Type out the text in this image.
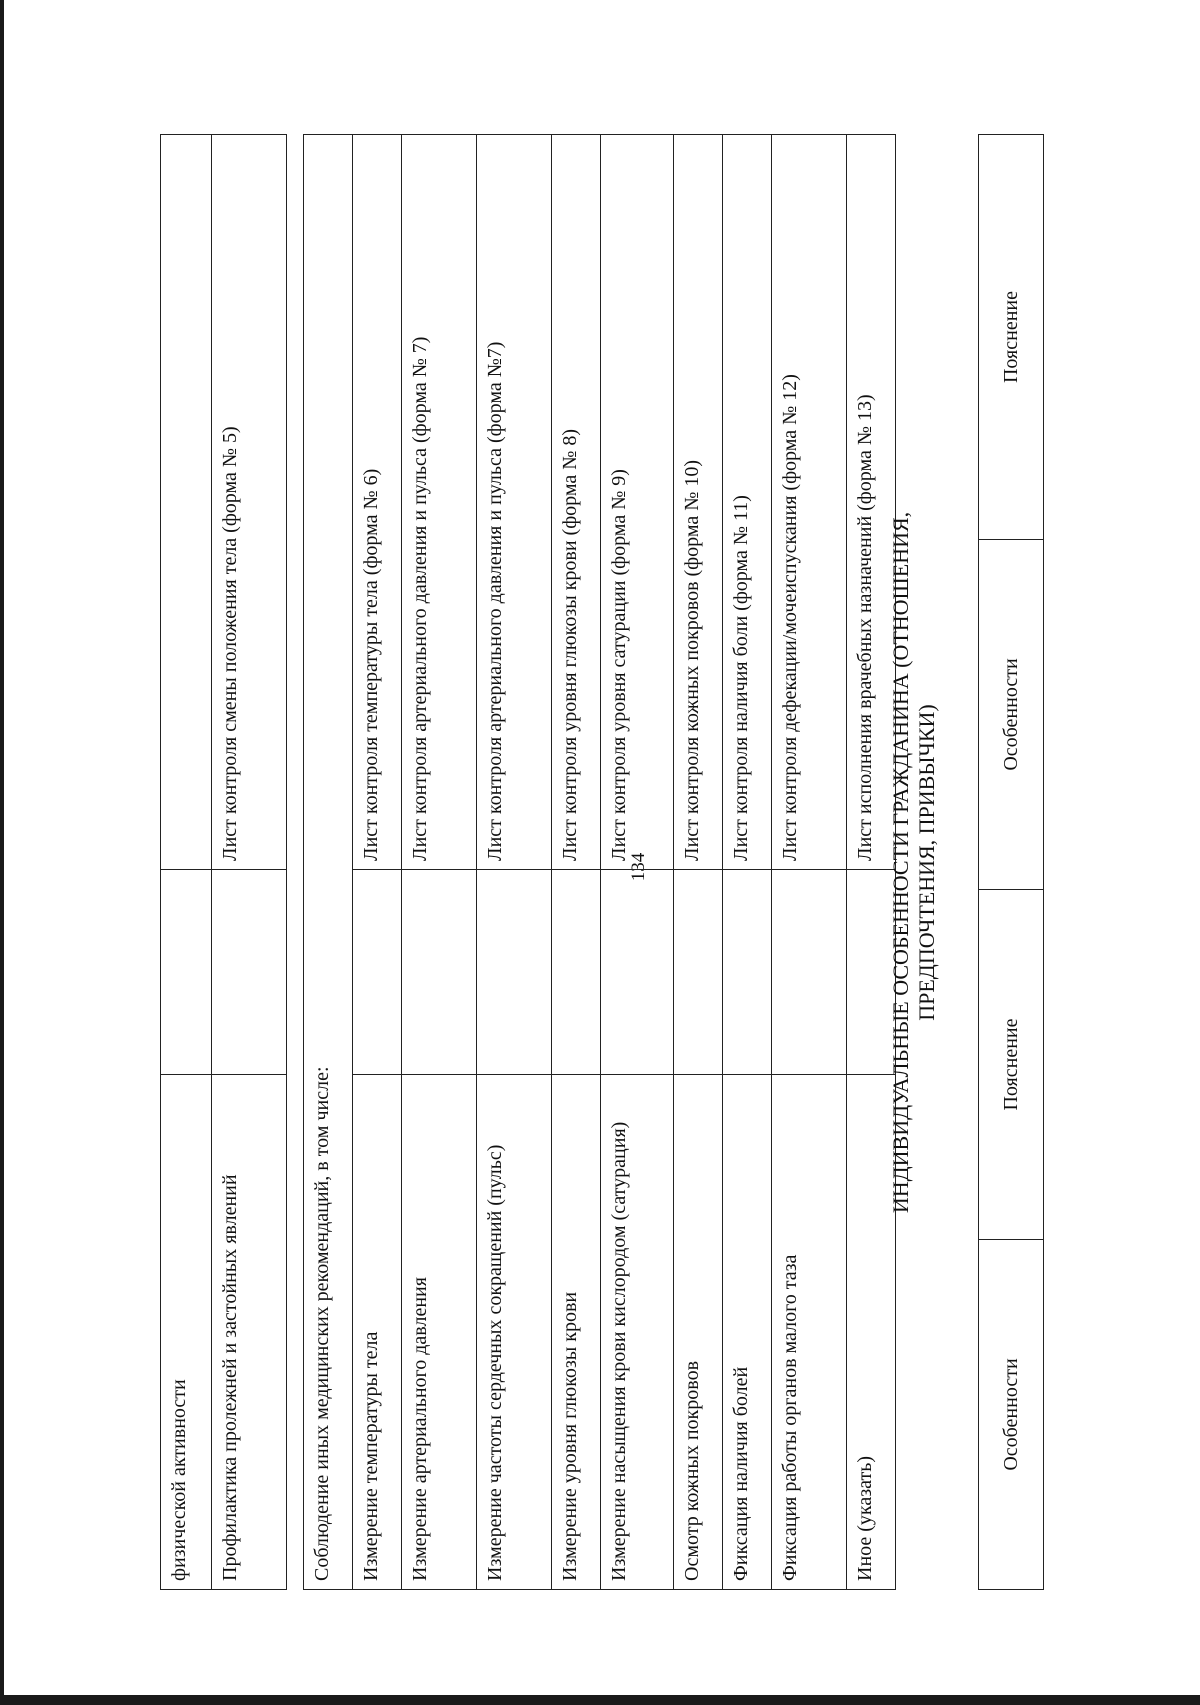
134
физической активности		
Профилактика пролежней и застойных явлений		Лист контроля смены положения тела (форма № 5)
Соблюдение иных медицинских рекомендаций, в том числе:		
Измерение температуры тела		Лист контроля температуры тела (форма № 6)
Измерение артериального давления		Лист контроля артериального давления и пульса (форма № 7)
Измерение частоты сердечных сокращений (пульс)		Лист контроля артериального давления и пульса (форма №7)
Измерение уровня глюкозы крови		Лист контроля уровня глюкозы крови (форма № 8)
Измерение насыщения крови кислородом (сатурация)		Лист контроля уровня сатурации (форма № 9)
Осмотр кожных покровов		Лист контроля кожных покровов (форма № 10)
Фиксация наличия болей		Лист контроля наличия боли (форма № 11)
Фиксация работы органов малого таза		Лист контроля дефекации/мочеиспускания (форма № 12)
Иное (указать)		Лист исполнения врачебных назначений (форма № 13) ИНДИВИДУАЛЬНЫЕ ОСОБЕННОСТИ ГРАЖДАНИНА (ОТНОШЕНИЯ, ПРЕДПОЧТЕНИЯ, ПРИВЫЧКИ)
Особенности	Пояснение	Особенности	Пояснение
